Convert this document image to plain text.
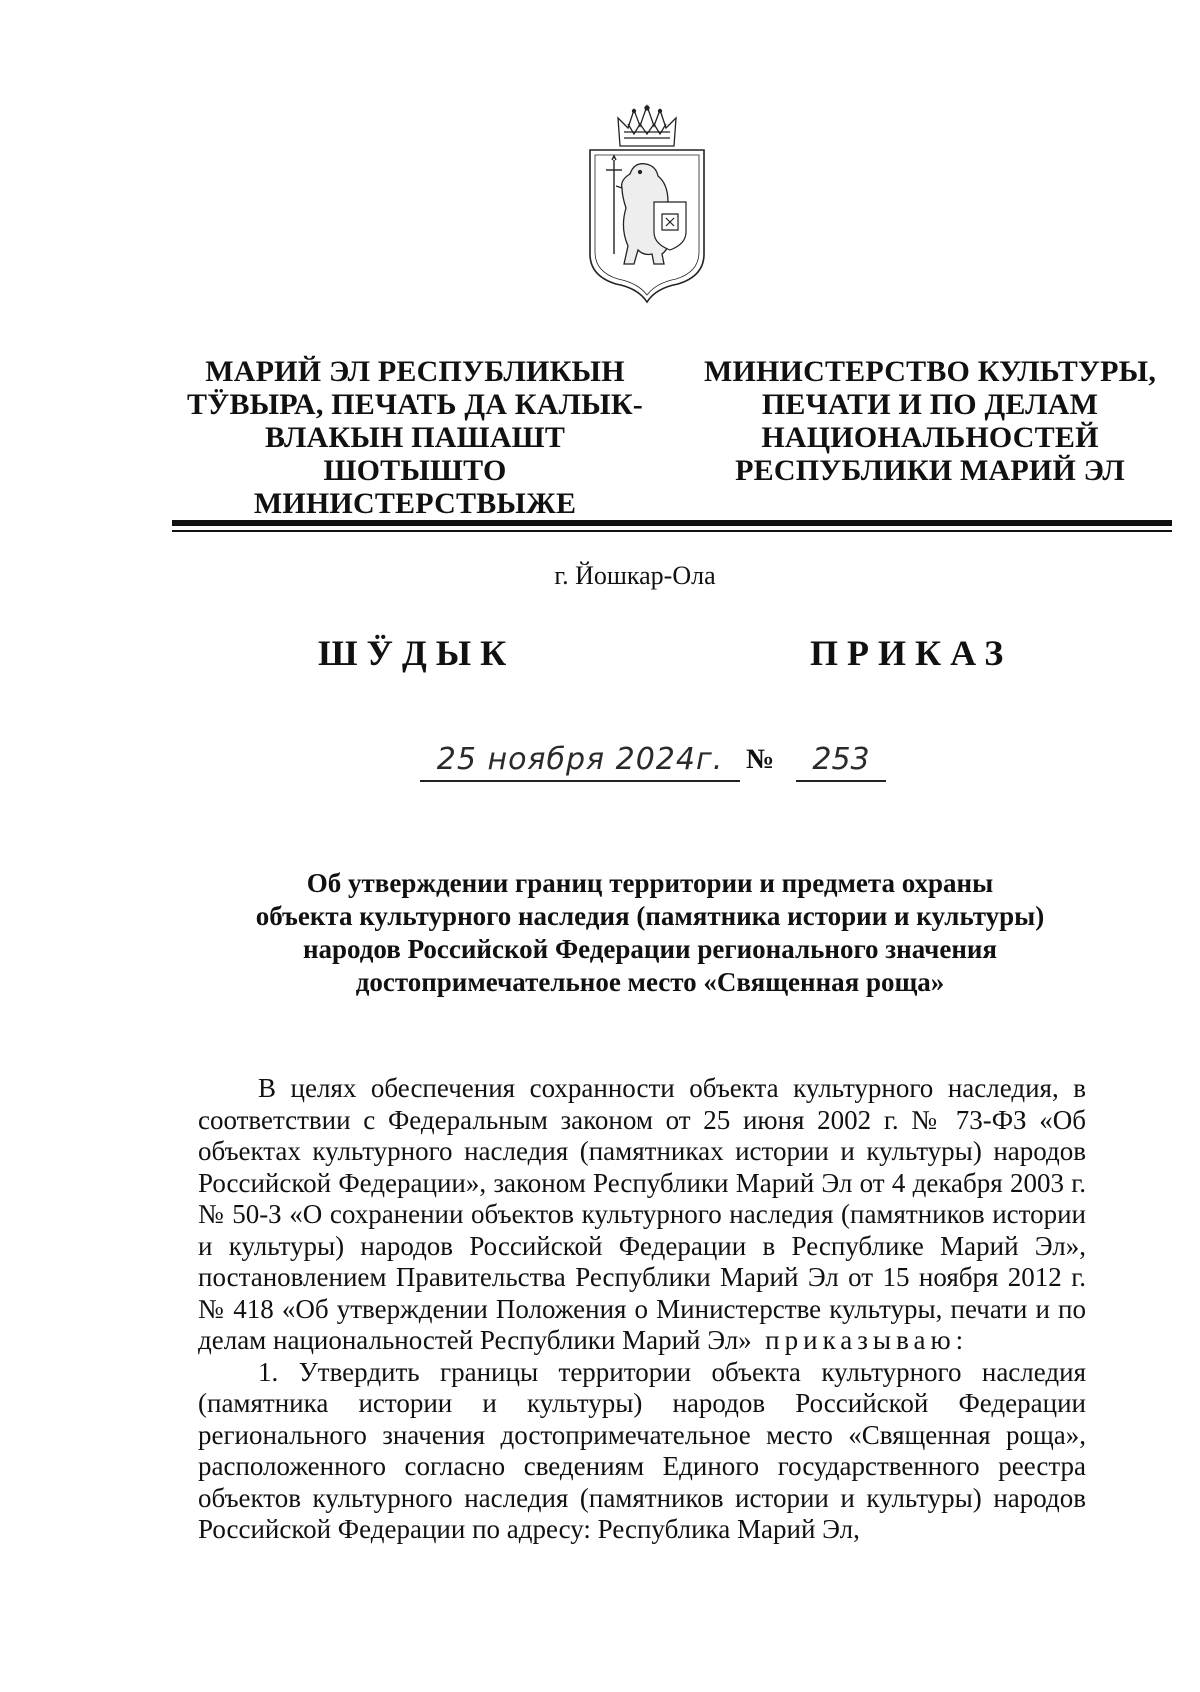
МАРИЙ ЭЛ РЕСПУБЛИКЫН
ТӰВЫРА, ПЕЧАТЬ ДА КАЛЫК-
ВЛАКЫН ПАШАШТ ШОТЫШТО
МИНИСТЕРСТВЫЖЕ
МИНИСТЕРСТВО КУЛЬТУРЫ,
ПЕЧАТИ И ПО ДЕЛАМ
НАЦИОНАЛЬНОСТЕЙ
РЕСПУБЛИКИ МАРИЙ ЭЛ
г. Йошкар-Ола
ШӰДЫК	ПРИКАЗ
25 ноября 2024г. №	253
Об утверждении границ территории и предмета охраны
объекта культурного наследия (памятника истории и культуры)
народов Российской Федерации регионального значения
достопримечательное место «Священная роща»

В целях обеспечения сохранности объекта культурного наследия, в соответствии с Федеральным законом от 25 июня 2002 г. № 73-ФЗ «Об объектах культурного наследия (памятниках истории и культуры) народов Российской Федерации», законом Республики Марий Эл от 4 декабря 2003 г. № 50-З «О сохранении объектов культурного наследия (памятников истории и культуры) народов Российской Федерации в Республике Марий Эл», постановлением Правительства Республики Марий Эл от 15 ноября 2012 г. № 418 «Об утверждении Положения о Министерстве культуры, печати и по делам национальностей Республики Марий Эл» приказываю:

1. Утвердить границы территории объекта культурного наследия (памятника истории и культуры) народов Российской Федерации регионального значения достопримечательное место «Священная роща», расположенного согласно сведениям Единого государственного реестра объектов культурного наследия (памятников истории и культуры) народов Российской Федерации по адресу: Республика Марий Эл,
